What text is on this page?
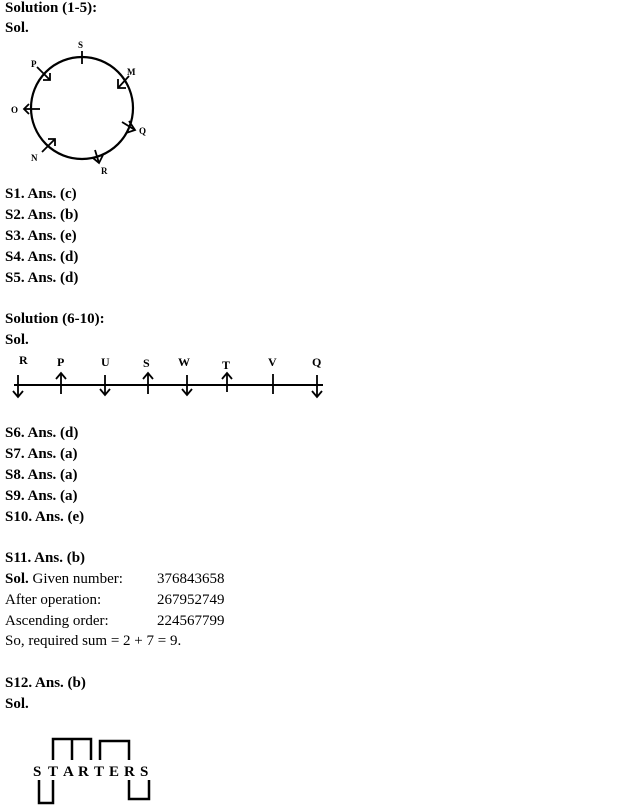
Solution (1-5):
Sol.
S
M
Q
R
N
O
P
S1. Ans. (c)
S2. Ans. (b)
S3. Ans. (e)
S4. Ans. (d)
S5. Ans. (d)
Solution (6-10):
Sol.
R P	U	S W	T	V	Q
S6. Ans. (d)
S7. Ans. (a)
S8. Ans. (a)
S9. Ans. (a)
S10. Ans. (e)
S11. Ans. (b)
Sol. Given number: 376843658
After operation:	267952749
Ascending order:	224567799
So, required sum = 2 + 7 = 9.
S12. Ans. (b)
Sol.
S T A R T E R S
